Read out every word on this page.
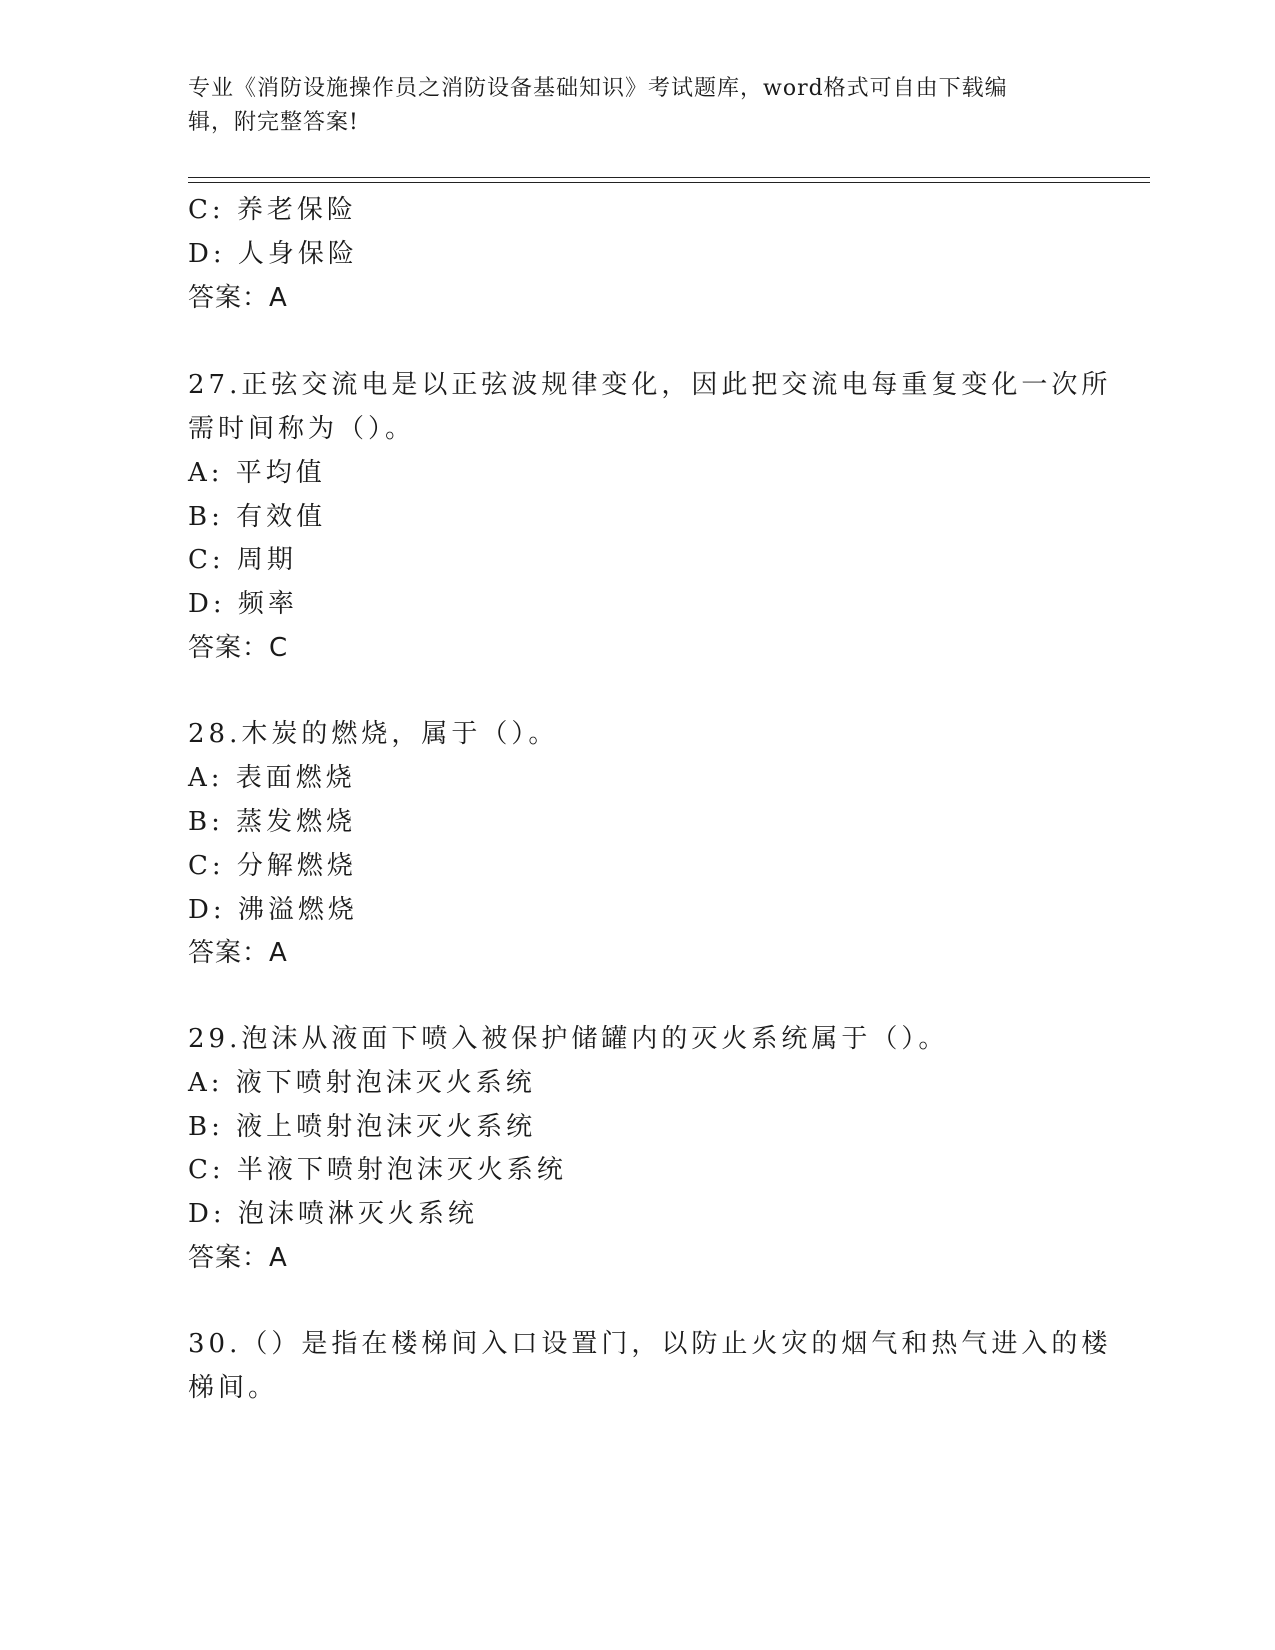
专业《消防设施操作员之消防设备基础知识》考试题库，word格式可自由下载编
辑，附完整答案!
C: 养老保险
D: 人身保险
答案：A
27.正弦交流电是以正弦波规律变化，因此把交流电每重复变化一次所
需时间称为（）。
A: 平均值
B: 有效值
C: 周期
D: 频率
答案：C
28.木炭的燃烧，属于（）。
A: 表面燃烧
B: 蒸发燃烧
C: 分解燃烧
D: 沸溢燃烧
答案：A
29.泡沫从液面下喷入被保护储罐内的灭火系统属于（）。
A: 液下喷射泡沫灭火系统
B: 液上喷射泡沫灭火系统
C: 半液下喷射泡沫灭火系统
D: 泡沫喷淋灭火系统
答案：A
30.（）是指在楼梯间入口设置门，以防止火灾的烟气和热气进入的楼
梯间。
